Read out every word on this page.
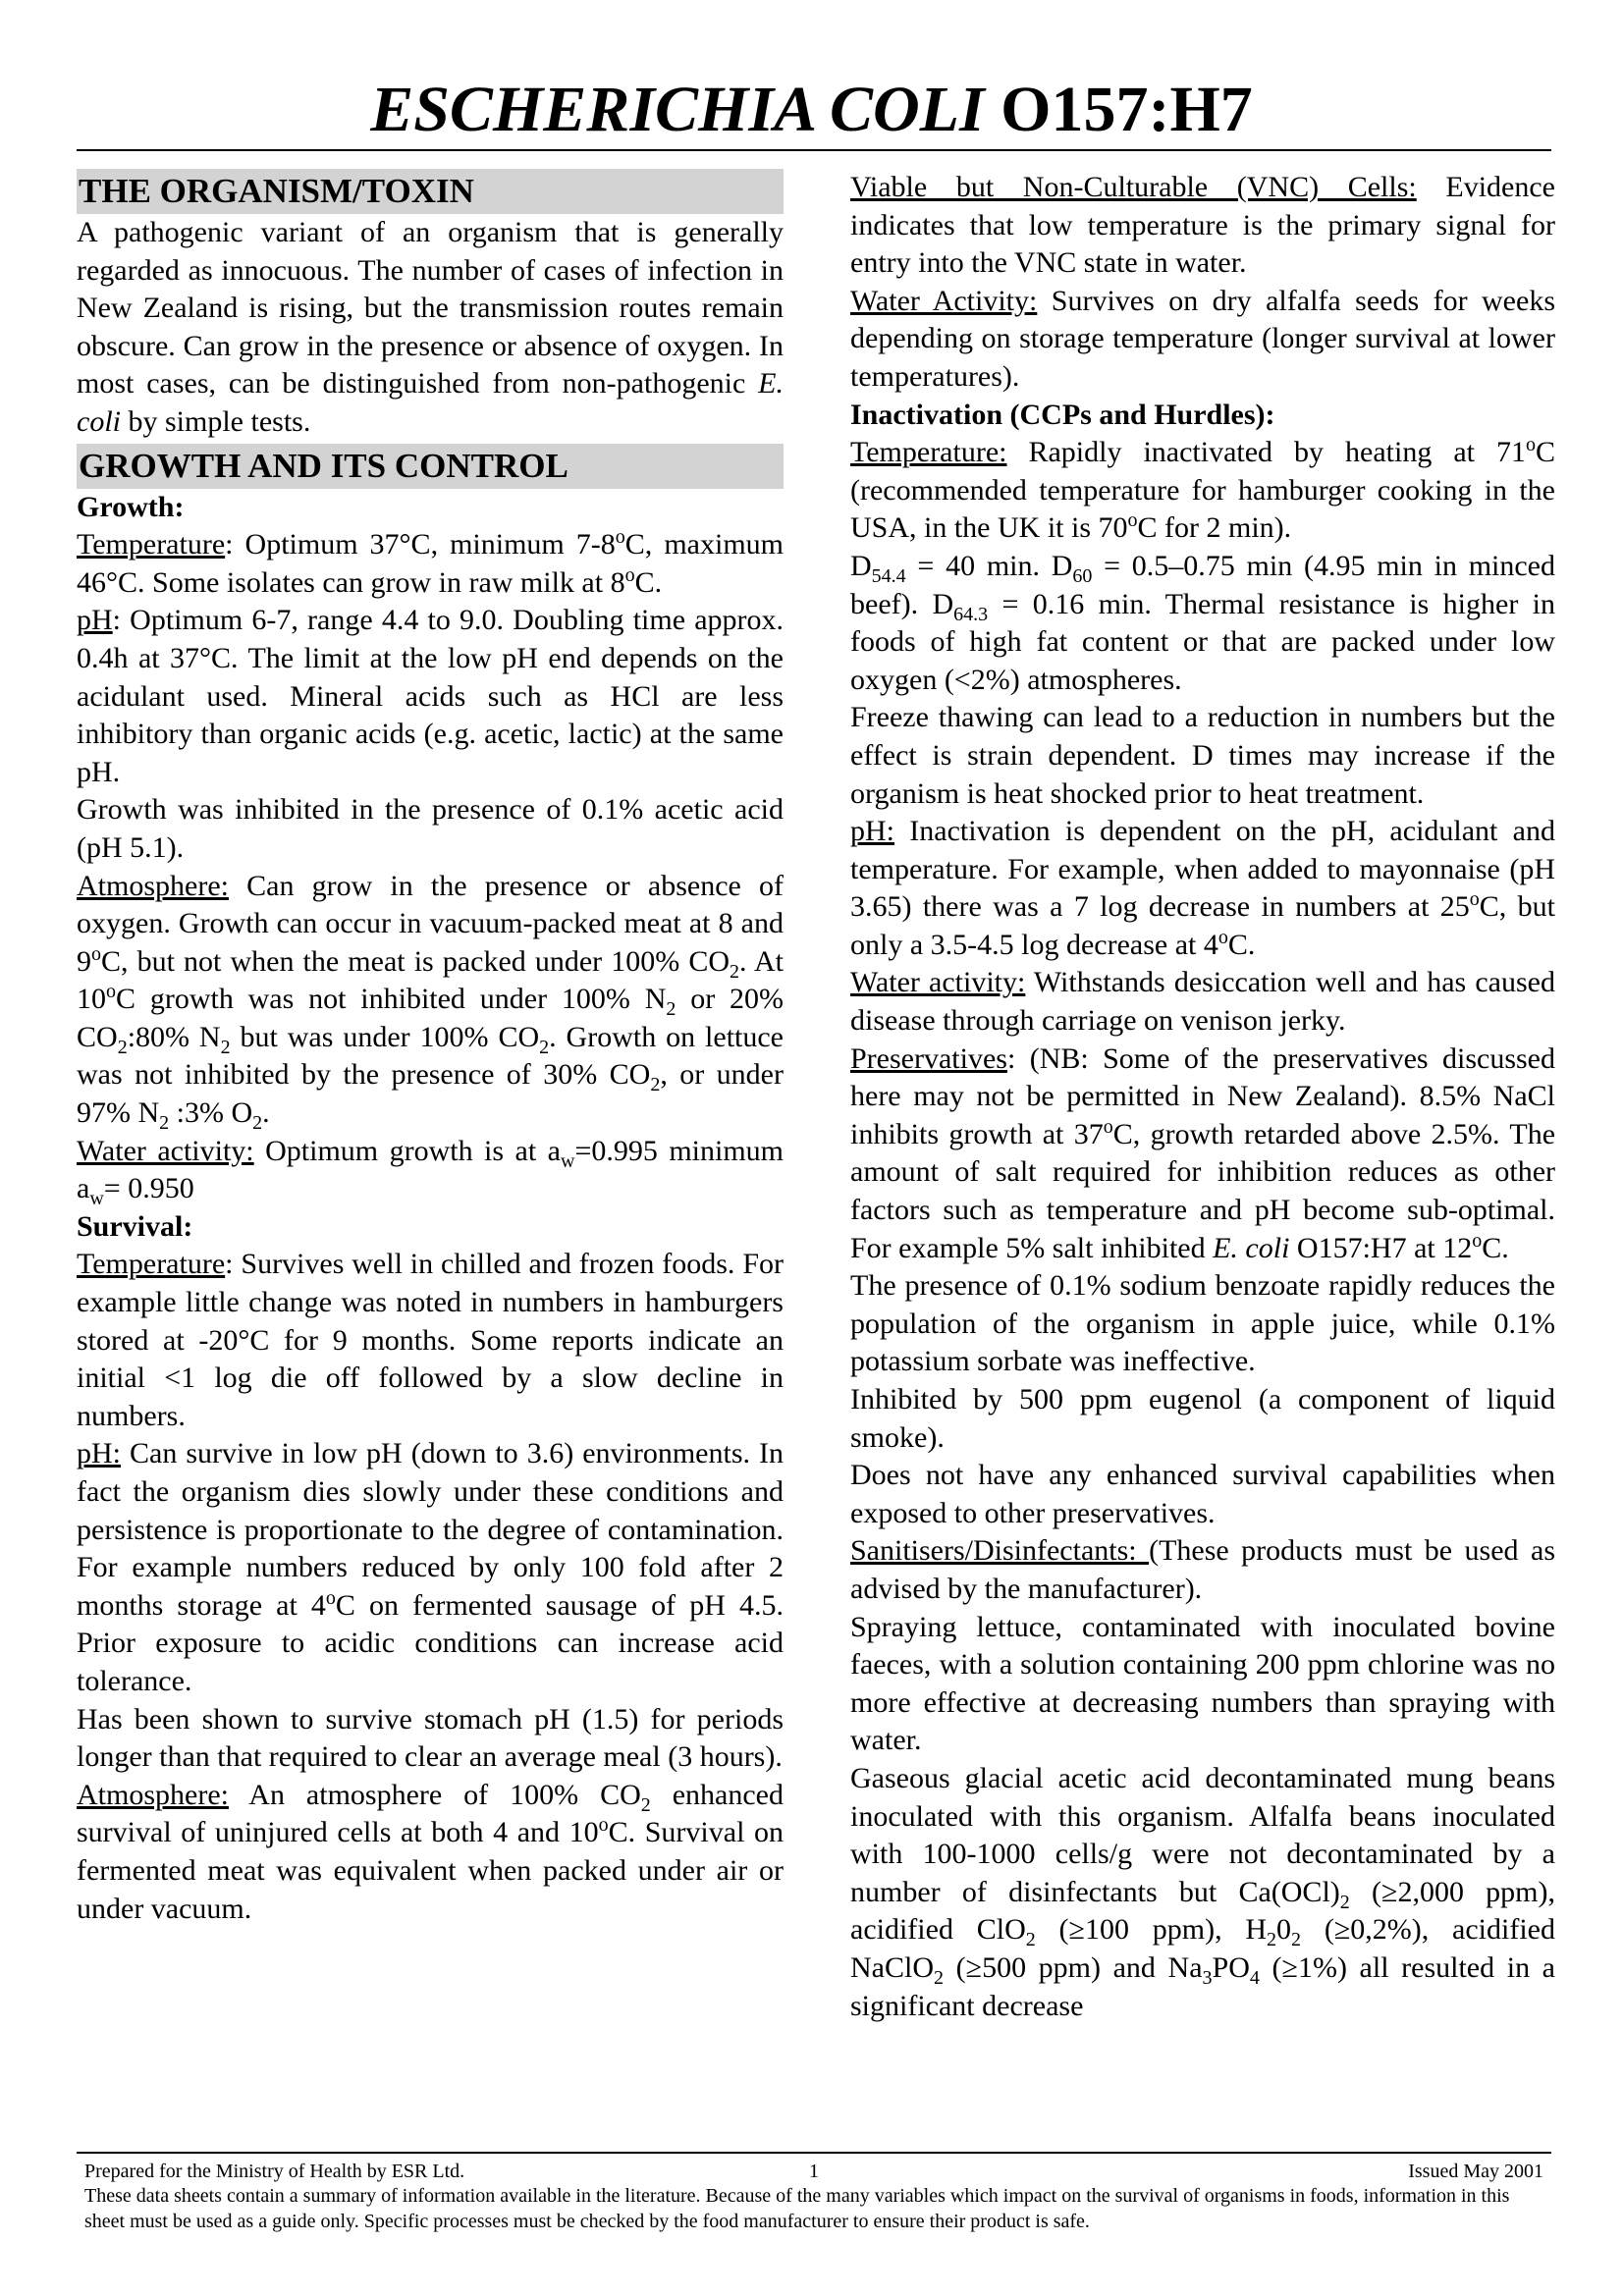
ESCHERICHIA COLI O157:H7
THE ORGANISM/TOXIN

A pathogenic variant of an organism that is generally regarded as innocuous. The number of cases of infection in New Zealand is rising, but the transmission routes remain obscure. Can grow in the presence or absence of oxygen. In most cases, can be distinguished from non-pathogenic E. coli by simple tests.

GROWTH AND ITS CONTROL

Growth:

Temperature: Optimum 37°C, minimum 7-8$^o$C, maximum 46°C. Some isolates can grow in raw milk at 8$^o$C.

pH: Optimum 6-7, range 4.4 to 9.0. Doubling time approx. 0.4h at 37°C. The limit at the low pH end depends on the acidulant used. Mineral acids such as HCl are less inhibitory than organic acids (e.g. acetic, lactic) at the same pH.

Growth was inhibited in the presence of 0.1% acetic acid (pH 5.1).

Atmosphere: Can grow in the presence or absence of oxygen. Growth can occur in vacuum-packed meat at 8 and 9$^o$C, but not when the meat is packed under 100% $CO_2$. At 10$^o$C growth was not inhibited under 100% $N_2$ or 20% $CO_2:80\%$ $N_2$ but was under 100% $CO_2$. Growth on lettuce was not inhibited by the presence of 30% $CO_2$, or under 97% $N_2$ :3% $O_2$.

Water activity: Optimum growth is at $a_w=0.995$ minimum $a_w= 0.950$

Survival:

Temperature: Survives well in chilled and frozen foods. For example little change was noted in numbers in hamburgers stored at -20°C for 9 months. Some reports indicate an initial <1 log die off followed by a slow decline in numbers.

pH: Can survive in low pH (down to 3.6) environments. In fact the organism dies slowly under these conditions and persistence is proportionate to the degree of contamination. For example numbers reduced by only 100 fold after 2 months storage at 4$^o$C on fermented sausage of pH 4.5. Prior exposure to acidic conditions can increase acid tolerance.

Has been shown to survive stomach pH (1.5) for periods longer than that required to clear an average meal (3 hours).

Atmosphere: An atmosphere of 100% $CO_2$ enhanced survival of uninjured cells at both 4 and 10$^o$C. Survival on fermented meat was equivalent when packed under air or under vacuum.

Viable but Non-Culturable (VNC) Cells: Evidence indicates that low temperature is the primary signal for entry into the VNC state in water.

Water Activity: Survives on dry alfalfa seeds for weeks depending on storage temperature (longer survival at lower temperatures).

Inactivation (CCPs and Hurdles):

Temperature: Rapidly inactivated by heating at 71$^o$C (recommended temperature for hamburger cooking in the USA, in the UK it is 70$^o$C for 2 min).

$D_{54.4} = 40$ min. $D_{60} = 0.5-0.75$ min (4.95 min in minced beef). $D_{64.3} = 0.16$ min. Thermal resistance is higher in foods of high fat content or that are packed under low oxygen (<2%) atmospheres.

Freeze thawing can lead to a reduction in numbers but the effect is strain dependent. D times may increase if the organism is heat shocked prior to heat treatment.

pH: Inactivation is dependent on the pH, acidulant and temperature. For example, when added to mayonnaise (pH 3.65) there was a 7 log decrease in numbers at 25$^o$C, but only a 3.5-4.5 log decrease at 4$^o$C.

Water activity: Withstands desiccation well and has caused disease through carriage on venison jerky.

Preservatives: (NB: Some of the preservatives discussed here may not be permitted in New Zealand). 8.5% NaCl inhibits growth at 37$^o$C, growth retarded above 2.5%. The amount of salt required for inhibition reduces as other factors such as temperature and pH become sub-optimal. For example 5% salt inhibited E. coli O157:H7 at 12$^o$C.

The presence of 0.1% sodium benzoate rapidly reduces the population of the organism in apple juice, while 0.1% potassium sorbate was ineffective.

Inhibited by 500 ppm eugenol (a component of liquid smoke).

Does not have any enhanced survival capabilities when exposed to other preservatives.

Sanitisers/Disinfectants: (These products must be used as advised by the manufacturer).

Spraying lettuce, contaminated with inoculated bovine faeces, with a solution containing 200 ppm chlorine was no more effective at decreasing numbers than spraying with water.

Gaseous glacial acetic acid decontaminated mung beans inoculated with this organism. Alfalfa beans inoculated with 100-1000 cells/g were not decontaminated by a number of disinfectants but $Ca(OCl)_2$ (≥2,000 ppm), acidified ClO$_2$ (≥100 ppm), $H_20_2$ (≥0,2%), acidified NaClO$_2$ (≥500 ppm) and $Na_3PO_4$ (≥1%) all resulted in a significant decrease

Prepared for the Ministry of Health by ESR Ltd.	1	Issued May 2001
These data sheets contain a summary of information available in the literature. Because of the many variables which impact on the survival of organisms in foods, information in this sheet must be used as a guide only. Specific processes must be checked by the food manufacturer to ensure their product is safe.
